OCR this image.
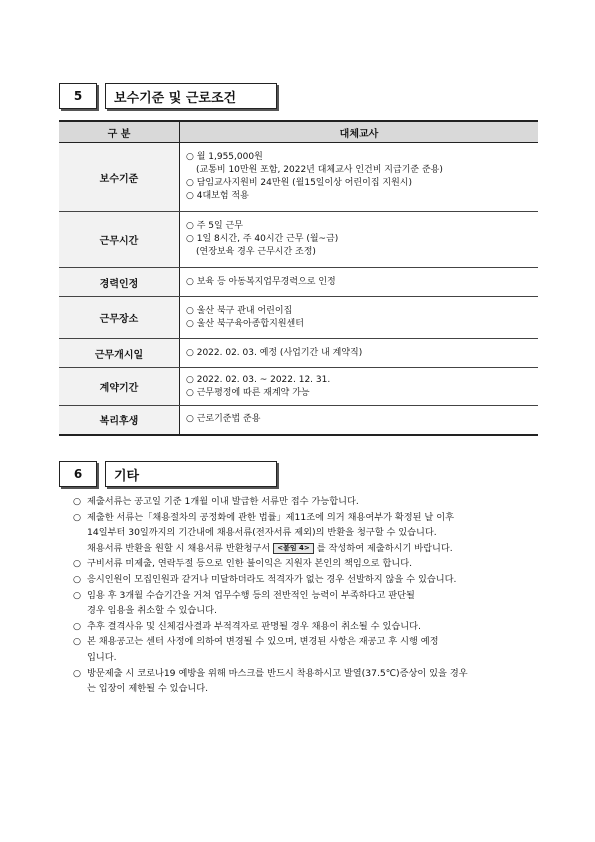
5	보수기준 및 근로조건
구 분	대체교사
보수기준	○ 월 1,955,000원
(교통비 10만원 포함, 2022년 대체교사 인건비 지급기준 준용)
○ 담임교사지원비 24만원 (월15일이상 어린이집 지원시)
○ 4대보험 적용

근무시간	○ 주 5일 근무
○ 1일 8시간, 주 40시간 근무 (월~금)
(연장보육 경우 근무시간 조정)

경력인정	○ 보육 등 아동복지업무경력으로 인정

근무장소	○ 울산 북구 관내 어린이집
○ 울산 북구육아종합지원센터

근무개시일	○ 2022. 02. 03. 예정 (사업기간 내 계약직)

계약기간	○ 2022. 02. 03. ~ 2022. 12. 31.
○ 근무평정에 따른 재계약 가능

복리후생	○ 근로기준법 준용
6	기타
○ 제출서류는 공고일 기준 1개월 이내 발급한 서류만 접수 가능합니다.
○ 제출한 서류는「채용절차의 공정화에 관한 법률」제11조에 의거 채용여부가 확정된 날 이후
14일부터 30일까지의 기간내에 채용서류(전자서류 제외)의 반환을 청구할 수 있습니다.
채용서류 반환을 원할 시 채용서류 반환청구서 <붙임 4> 를 작성하여 제출하시기 바랍니다.
○ 구비서류 미제출, 연락두절 등으로 인한 불이익은 지원자 본인의 책임으로 합니다.
○ 응시인원이 모집인원과 같거나 미달하더라도 적격자가 없는 경우 선발하지 않을 수 있습니다.
○ 임용 후 3개월 수습기간을 거쳐 업무수행 등의 전반적인 능력이 부족하다고 판단될
경우 임용을 취소할 수 있습니다.
○ 추후 결격사유 및 신체검사결과 부적격자로 판명될 경우 채용이 취소될 수 있습니다.
○ 본 채용공고는 센터 사정에 의하여 변경될 수 있으며, 변경된 사항은 재공고 후 시행 예정
입니다.
○ 방문제출 시 코로나19 예방을 위해 마스크를 반드시 착용하시고 발열(37.5℃)증상이 있을 경우
는 입장이 제한될 수 있습니다.
